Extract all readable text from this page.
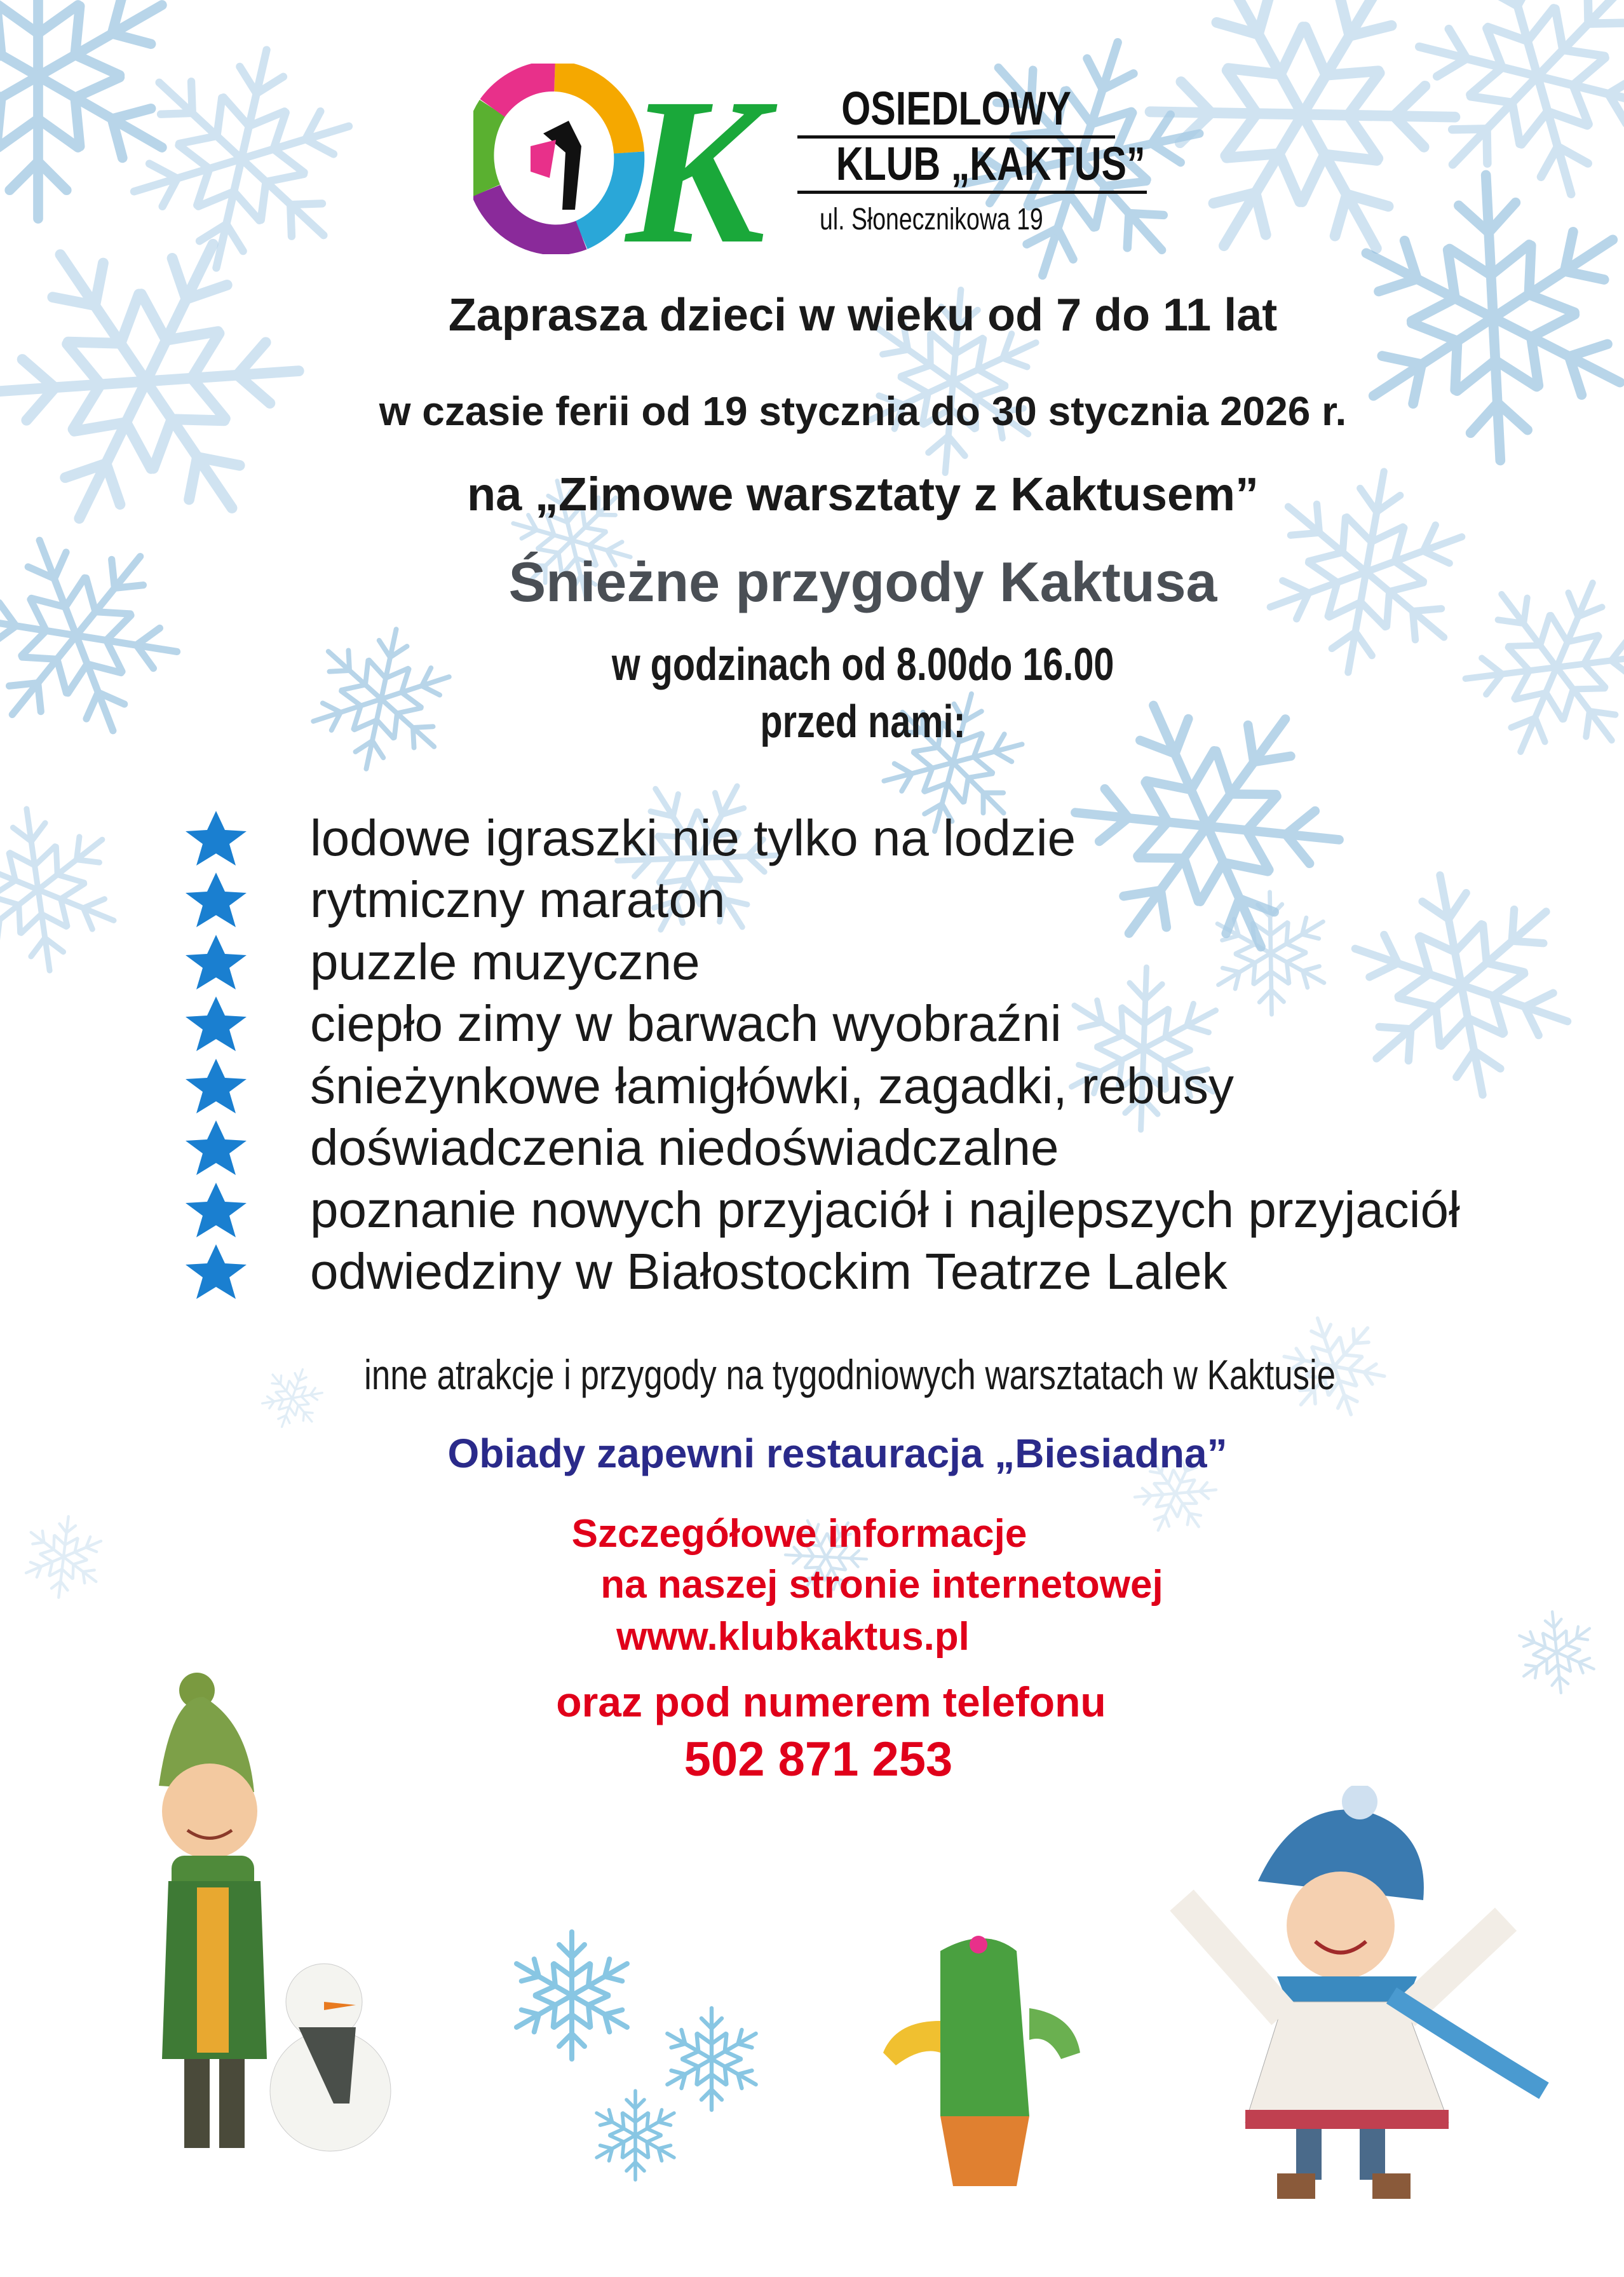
K	OSIEDLOWY
KLUB „KAKTUS”
ul. Słonecznikowa 19
Zaprasza dzieci w wieku od 7 do 11 lat
w czasie ferii od 19 stycznia do 30 stycznia 2026 r.
na „Zimowe warsztaty z Kaktusem”
Śnieżne przygody Kaktusa
w godzinach od 8.00do 16.00
przed nami:
lodowe igraszki nie tylko na lodzie
rytmiczny maraton
puzzle muzyczne
ciepło zimy w barwach wyobraźni
śnieżynkowe łamigłówki, zagadki, rebusy
doświadczenia niedoświadczalne
poznanie nowych przyjaciół i najlepszych przyjaciół
odwiedziny w Białostockim Teatrze Lalek
inne atrakcje i przygody na tygodniowych warsztatach w Kaktusie
Obiady zapewni restauracja „Biesiadna”
Szczegółowe informacje
na naszej stronie internetowej
www.klubkaktus.pl
oraz pod numerem telefonu
502 871 253
